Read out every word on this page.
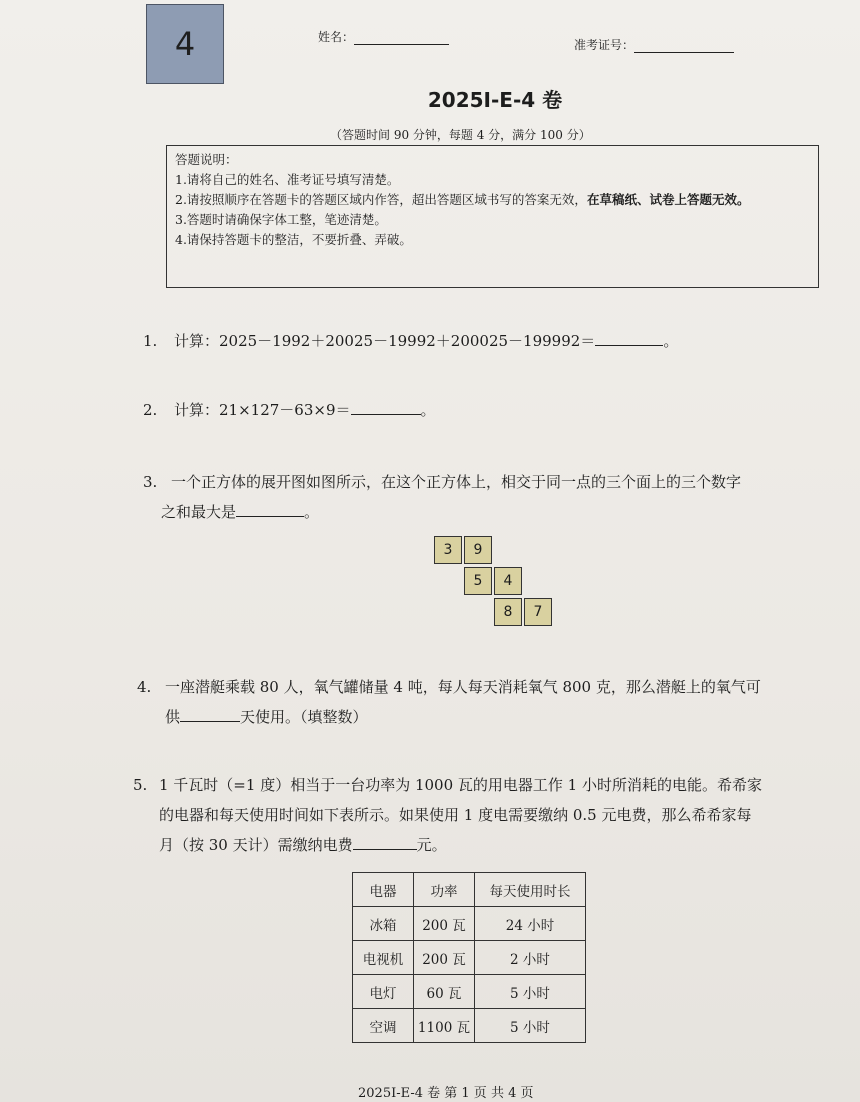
4	姓名：
准考证号：
2025I-E-4 卷
（答题时间 90 分钟，每题 4 分，满分 100 分）
答题说明：
1.请将自己的姓名、准考证号填写清楚。
2.请按照顺序在答题卡的答题区域内作答，超出答题区域书写的答案无效，在草稿纸、试卷上答题无效。
3.答题时请确保字体工整，笔迹清楚。
4.请保持答题卡的整洁，不要折叠、弄破。
1. 计算：2025－1992＋20025－19992＋200025－199992＝	。
2. 计算：21×127－63×9＝	。
3. 一个正方体的展开图如图所示，在这个正方体上，相交于同一点的三个面上的三个数字
之和最大是	。
3	9
5	4
8	7
4. 一座潜艇乘载 80 人，氧气罐储量 4 吨，每人每天消耗氧气 800 克，那么潜艇上的氧气可
供	天使用。（填整数）
5. 1 千瓦时（=1 度）相当于一台功率为 1000 瓦的用电器工作 1 小时所消耗的电能。希希家
的电器和每天使用时间如下表所示。如果使用 1 度电需要缴纳 0.5 元电费，那么希希家每
月（按 30 天计）需缴纳电费	元。
电器	功率	每天使用时长
冰箱	200 瓦	24 小时
电视机	200 瓦	2 小时
电灯	60 瓦	5 小时
空调	1100 瓦	5 小时
2025I-E-4 卷 第 1 页 共 4 页
